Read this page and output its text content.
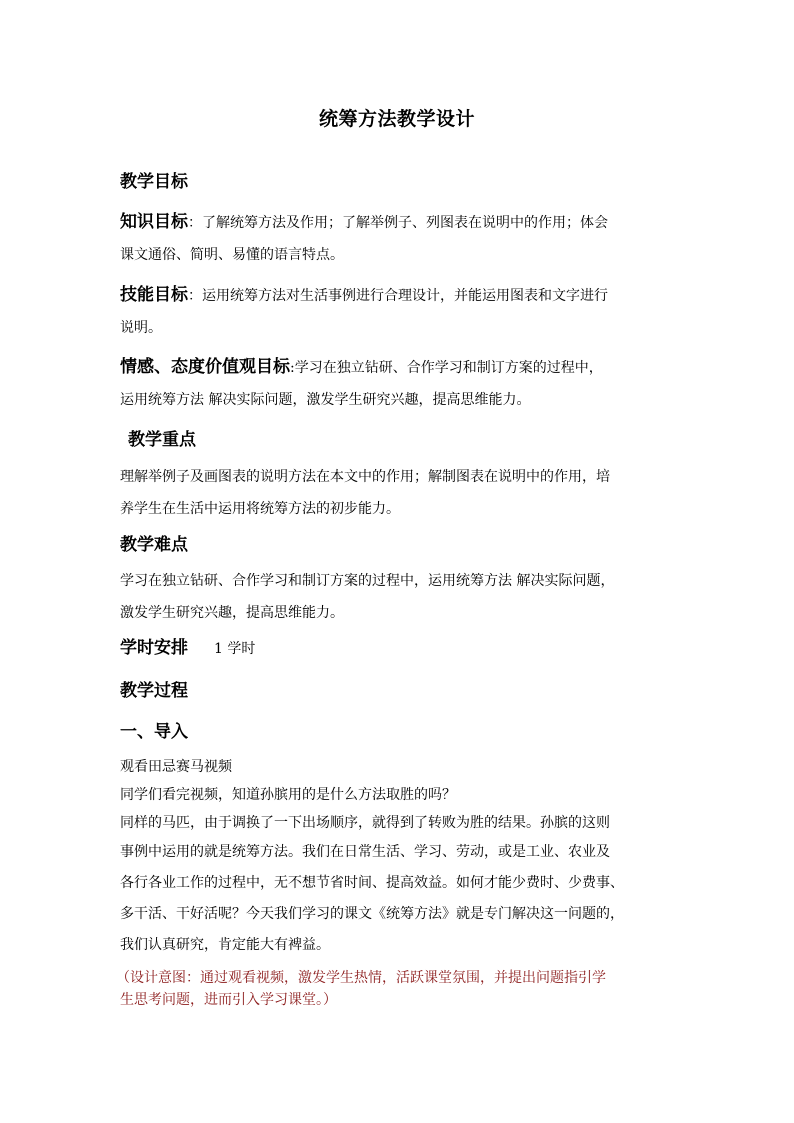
统筹方法教学设计
教学目标
知识目标：了解统筹方法及作用；了解举例子、列图表在说明中的作用；体会
课文通俗、简明、易懂的语言特点。
技能目标：运用统筹方法对生活事例进行合理设计，并能运用图表和文字进行
说明。
情感、态度价值观目标:学习在独立钻研、合作学习和制订方案的过程中，
运用统筹方法 解决实际问题，激发学生研究兴趣，提高思维能力。
教学重点
理解举例子及画图表的说明方法在本文中的作用；解制图表在说明中的作用，培
养学生在生活中运用将统筹方法的初步能力。
教学难点
学习在独立钻研、合作学习和制订方案的过程中，运用统筹方法 解决实际问题，
激发学生研究兴趣，提高思维能力。
学时安排 1 学时
教学过程
一、导入
观看田忌赛马视频
同学们看完视频，知道孙膑用的是什么方法取胜的吗？
同样的马匹，由于调换了一下出场顺序，就得到了转败为胜的结果。孙膑的这则
事例中运用的就是统筹方法。我们在日常生活、学习、劳动，或是工业、农业及
各行各业工作的过程中，无不想节省时间、提高效益。如何才能少费时、少费事、
多干活、干好活呢？今天我们学习的课文《统筹方法》就是专门解决这一问题的，
我们认真研究，肯定能大有裨益。
（设计意图：通过观看视频，激发学生热情，活跃课堂氛围，并提出问题指引学
生思考问题，进而引入学习课堂。）
